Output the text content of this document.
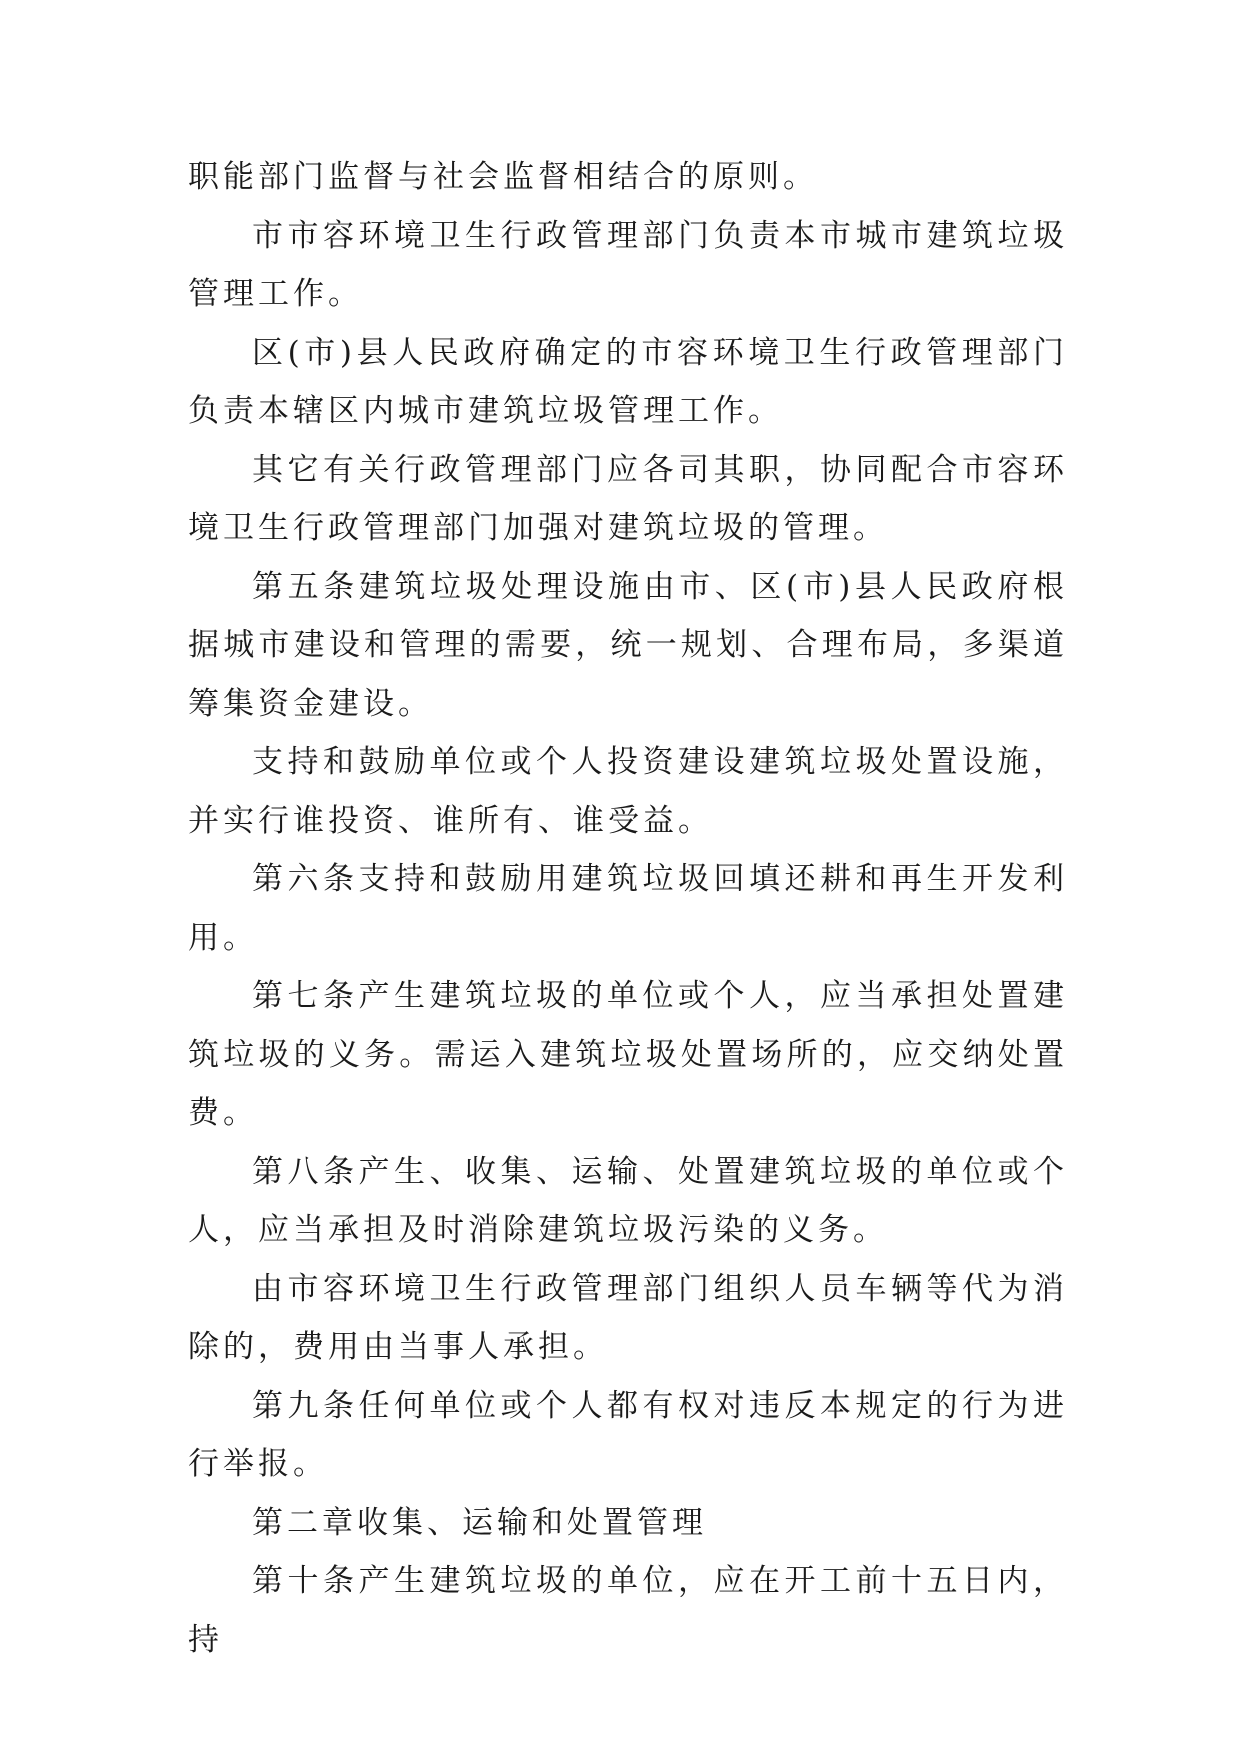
职能部门监督与社会监督相结合的原则。

市市容环境卫生行政管理部门负责本市城市建筑垃圾管理工作。

区(市)县人民政府确定的市容环境卫生行政管理部门负责本辖区内城市建筑垃圾管理工作。

其它有关行政管理部门应各司其职，协同配合市容环境卫生行政管理部门加强对建筑垃圾的管理。

第五条建筑垃圾处理设施由市、区(市)县人民政府根据城市建设和管理的需要，统一规划、合理布局，多渠道筹集资金建设。

支持和鼓励单位或个人投资建设建筑垃圾处置设施，并实行谁投资、谁所有、谁受益。

第六条支持和鼓励用建筑垃圾回填还耕和再生开发利用。

第七条产生建筑垃圾的单位或个人，应当承担处置建筑垃圾的义务。需运入建筑垃圾处置场所的，应交纳处置费。

第八条产生、收集、运输、处置建筑垃圾的单位或个人，应当承担及时消除建筑垃圾污染的义务。

由市容环境卫生行政管理部门组织人员车辆等代为消除的，费用由当事人承担。

第九条任何单位或个人都有权对违反本规定的行为进行举报。

第二章收集、运输和处置管理

第十条产生建筑垃圾的单位，应在开工前十五日内，持
